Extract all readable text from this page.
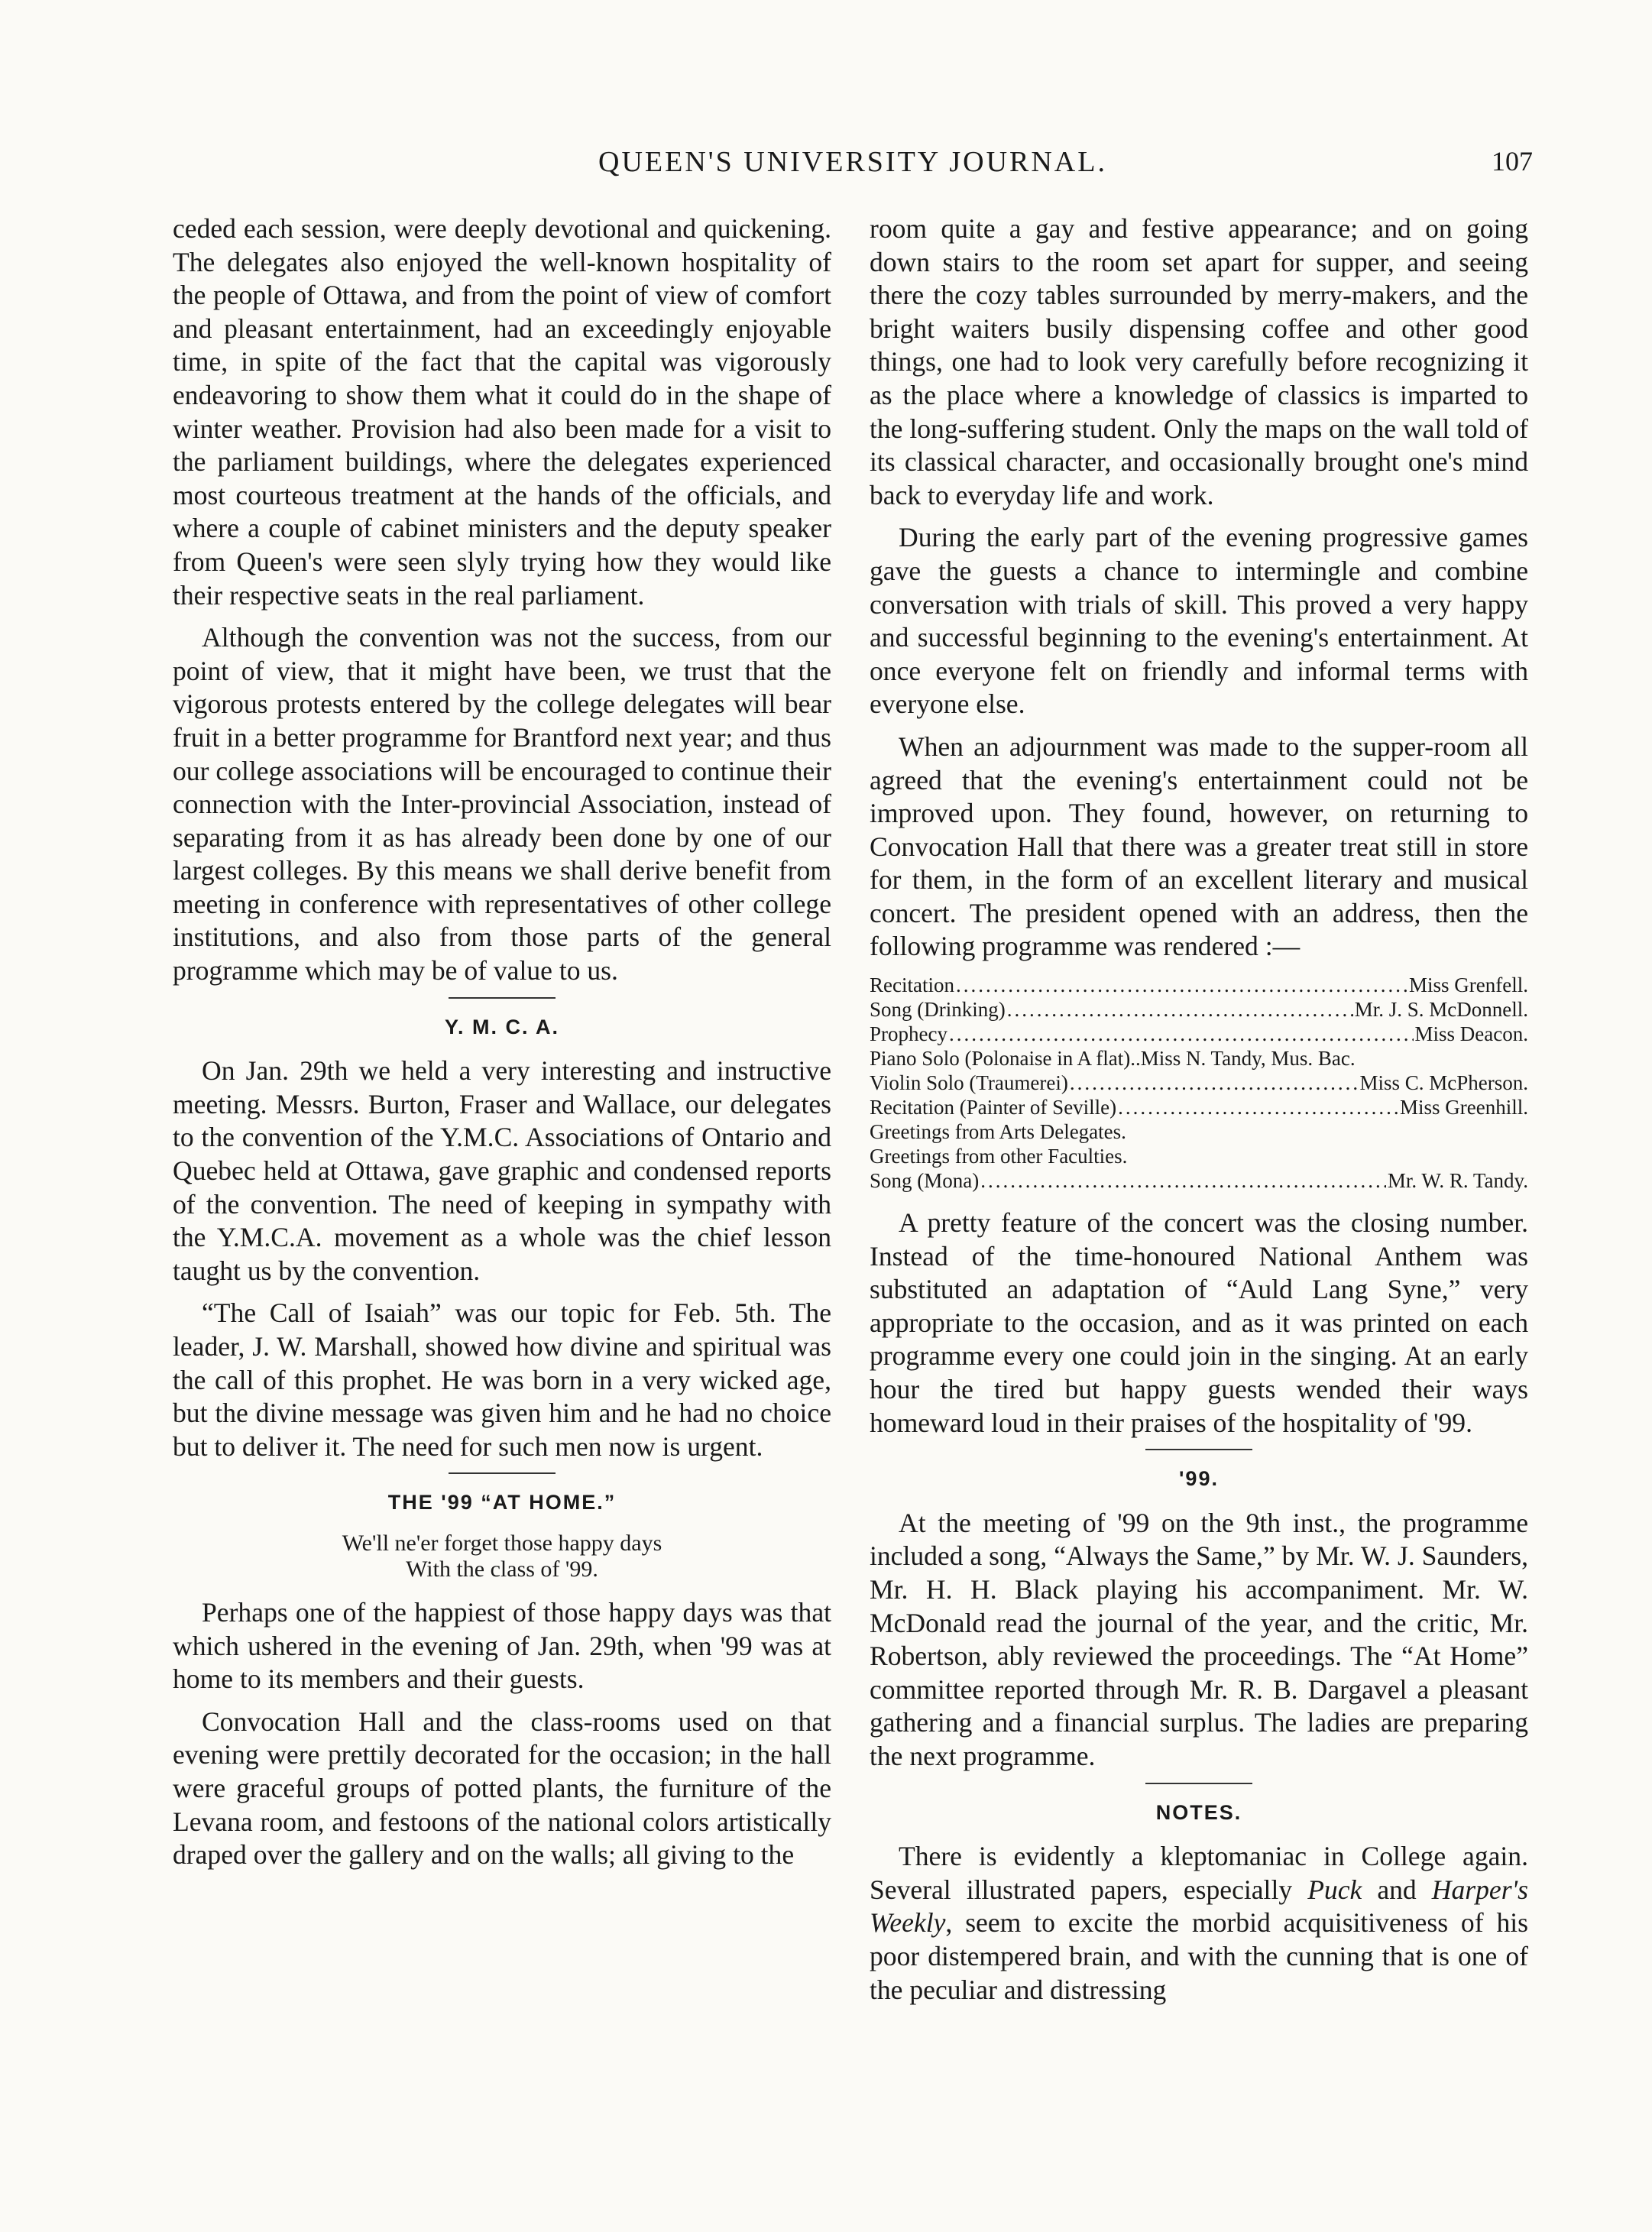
QUEEN'S UNIVERSITY JOURNAL.	107

ceded each session, were deeply devotional and quickening. The delegates also enjoyed the well-known hospitality of the people of Ottawa, and from the point of view of comfort and pleasant entertainment, had an exceedingly enjoyable time, in spite of the fact that the capital was vigorously endeavoring to show them what it could do in the shape of winter weather. Provision had also been made for a visit to the parliament buildings, where the delegates experienced most courteous treatment at the hands of the officials, and where a couple of cabinet ministers and the deputy speaker from Queen's were seen slyly trying how they would like their respective seats in the real parliament.

Although the convention was not the success, from our point of view, that it might have been, we trust that the vigorous protests entered by the college delegates will bear fruit in a better programme for Brantford next year; and thus our college associations will be encouraged to continue their connection with the Inter-provincial Association, instead of separating from it as has already been done by one of our largest colleges. By this means we shall derive benefit from meeting in conference with representatives of other college institutions, and also from those parts of the general programme which may be of value to us.

Y. M. C. A.

On Jan. 29th we held a very interesting and instructive meeting. Messrs. Burton, Fraser and Wallace, our delegates to the convention of the Y.M.C. Associations of Ontario and Quebec held at Ottawa, gave graphic and condensed reports of the convention. The need of keeping in sympathy with the Y.M.C.A. movement as a whole was the chief lesson taught us by the convention.

“The Call of Isaiah” was our topic for Feb. 5th. The leader, J. W. Marshall, showed how divine and spiritual was the call of this prophet. He was born in a very wicked age, but the divine message was given him and he had no choice but to deliver it. The need for such men now is urgent.

THE '99 “AT HOME.”
We'll ne'er forget those happy days
With the class of '99.

Perhaps one of the happiest of those happy days was that which ushered in the evening of Jan. 29th, when '99 was at home to its members and their guests.

Convocation Hall and the class-rooms used on that evening were prettily decorated for the occasion; in the hall were graceful groups of potted plants, the furniture of the Levana room, and festoons of the national colors artistically draped over the gallery and on the walls; all giving to the

room quite a gay and festive appearance; and on going down stairs to the room set apart for supper, and seeing there the cozy tables surrounded by merry-makers, and the bright waiters busily dispensing coffee and other good things, one had to look very carefully before recognizing it as the place where a knowledge of classics is imparted to the long-suffering student. Only the maps on the wall told of its classical character, and occasionally brought one's mind back to everyday life and work.

During the early part of the evening progressive games gave the guests a chance to intermingle and combine conversation with trials of skill. This proved a very happy and successful beginning to the evening's entertainment. At once everyone felt on friendly and informal terms with everyone else.

When an adjournment was made to the supper-room all agreed that the evening's entertainment could not be improved upon. They found, however, on returning to Convocation Hall that there was a greater treat still in store for them, in the form of an excellent literary and musical concert. The president opened with an address, then the following programme was rendered :—

Recitation .....	Miss Grenfell.
Song (Drinking) .....	Mr. J. S. McDonnell.
Prophecy .....	Miss Deacon.
Piano Solo (Polonaise in A flat).. Miss N. Tandy, Mus. Bac.
Violin Solo (Traumerei) .....	Miss C. McPherson.
Recitation (Painter of Seville) .....	Miss Greenhill.
Greetings from Arts Delegates.
Greetings from other Faculties.
Song (Mona) .....	Mr. W. R. Tandy.

A pretty feature of the concert was the closing number. Instead of the time-honoured National Anthem was substituted an adaptation of “Auld Lang Syne,” very appropriate to the occasion, and as it was printed on each programme every one could join in the singing. At an early hour the tired but happy guests wended their ways homeward loud in their praises of the hospitality of '99.

'99.

At the meeting of '99 on the 9th inst., the programme included a song, “Always the Same,” by Mr. W. J. Saunders, Mr. H. H. Black playing his accompaniment. Mr. W. McDonald read the journal of the year, and the critic, Mr. Robertson, ably reviewed the proceedings. The “At Home” committee reported through Mr. R. B. Dargavel a pleasant gathering and a financial surplus. The ladies are preparing the next programme.

NOTES.

There is evidently a kleptomaniac in College again. Several illustrated papers, especially Puck and Harper's Weekly, seem to excite the morbid acquisitiveness of his poor distempered brain, and with the cunning that is one of the peculiar and distressing
